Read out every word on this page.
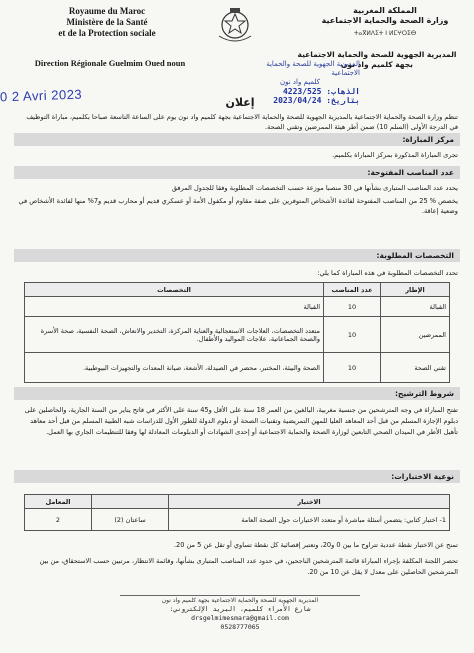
Royaume du Maroc
Ministère de la Santé
et de la Protection sociale
المملكة المغربية
وزارة الصحة والحماية الاجتماعية
ⵜⴰⴳⵍⴷⵉⵜ ⵏ ⵍⵎⵖⵔⵉⴱ
Direction Régionale Guelmim Oued noun
المديرية الجهوية للصحة والحماية الاجتماعية بجهة كلميم واد نون
المديرية الجهوية للصحة والحماية الاجتماعية
كلميم واد نون
الذهاب: 4223/525
بتاريخ: 2023/04/24
0 2 Avri 2023	إعلان
تنظم وزارة الصحة والحماية الاجتماعية بالمديرية الجهوية للصحة والحماية الاجتماعية بجهة كلميم واد نون يوم على الساعة التاسعة صباحا بكلميم، مباراة التوظيف في الدرجة الأولى (السلم 10) ضمن أطر هيئة الممرضين وتقني الصحة.
مركز المباراة:
تجرى المباراة المذكورة بمركز المباراة بكلميم.
عدد المناصب المفتوحة:
يحدد عدد المناصب المتبارى بشأنها في 30 منصبا موزعة حسب التخصصات المطلوبة وفقا للجدول المرفق
يخصص % 25 من المناصب المفتوحة لفائدة الأشخاص المتوفرين على صفة مقاوم أو مكفول الأمة أو عسكري قديم أو محارب قديم و7% منها لفائدة الأشخاص في وضعية إعاقة.
التخصصات المطلوبة:
تحدد التخصصات المطلوبة في هذه المباراة كما يلي:
الإطار	عدد المناصب	التخصصات
القبالة	10	القبالة
الممرضين	10	متعدد التخصصات، العلاجات الاستعجالية والعناية المركزة، التخدير والانعاش، الصحة النفسية، صحة الأسرة والصحة الجماعاتية، علاجات المواليد والأطفال.
تقني الصحة	10	الصحة والبيئة، المختبر، محضر في الصيدلة، الأشعة، صيانة المعدات والتجهيزات البيوطبية.
شروط الترشيح:
تفتح المباراة في وجه المترشحين من جنسية مغربية، البالغين من العمر 18 سنة على الأقل و45 سنة على الأكثر في فاتح يناير من السنة الجارية، والحاصلين على دبلوم الإجازة المسلم من قبل أحد المعاهد العليا للمهن التمريضية وتقنيات الصحة أو دبلوم الدولة للطور الأول للدراسات شبه الطبية المسلم من قبل أحد معاهد تأهيل الأطر في الميدان الصحي التابعين لوزارة الصحة والحماية الاجتماعية أو إحدى الشهادات أو الدبلومات المعادلة لها وفقا للتنظيمات الجاري بها العمل.
نوعية الاختبارات:
الاختبار		المعامل
1- اختبار كتابي: يتضمن أسئلة مباشرة أو متعدد الاختيارات حول الصحة العامة	ساعتان (2)	2
تمنح عن الاختبار نقطة عددية تتراوح ما بين 0 و20، وتعتبر إقصائية كل نقطة تساوي أو تقل عن 5 من 20.
تحصر اللجنة المكلفة بإجراء المباراة قائمة المترشحين الناجحين، في حدود عدد المناصب المتبارى بشأنها، وقائمة الانتظار، مرتبين حسب الاستحقاق، من بين المترشحين الحاصلين على معدل لا يقل عن 10 من 20.
المديرية الجهوية للصحة والحماية الاجتماعية بجهة كلميم واد نون
شارع الأمراء كلميم، البريد الإلكتروني: drsgelmimesmara@gmail.com
0528777065
